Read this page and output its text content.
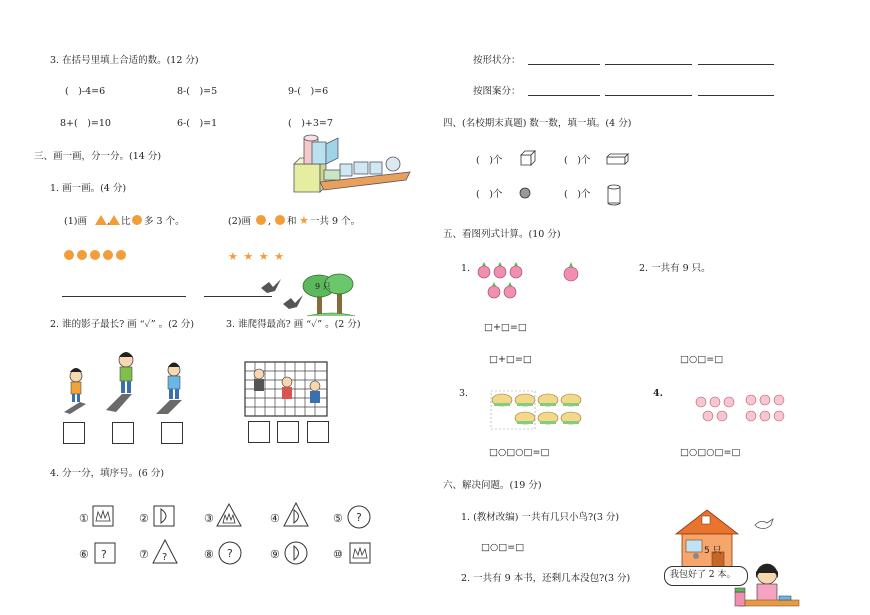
3. 在括号里填上合适的数。(12 分)
(　)-4=6	8-(　)=5	9-(　)=6
8+(　)=10	6-(　)=1	(　)+3=7
三、画一画，分一分。(14 分)
1. 画一画。(4 分)
(1)画 , 比 多 3 个。	(2)画 , 和 ★ 一共 9 个。
★ ★ ★ ★
9 只
2. 谁的影子最长? 画 “✓” 。(2 分)	3. 谁爬得最高? 画 “✓” 。(2 分)
4. 分一分，填序号。(6 分)
①	②	③	④	⑤ ?
⑥ ?	⑦ ?	⑧ ?	⑨	⑩
按形状分：
按图案分：
四、(名校期末真题) 数一数，填一填。(4 分)
(　)个	(　)个
(　)个	(　)个
五、看图列式计算。(10 分)
1.	2. 一共有 9 只。
□+□=□
□+□=□	□○□=□
3.	4.
□○□○□=□	□○□○□=□
六、解决问题。(19 分)
1. (教材改编) 一共有几只小鸟?(3 分)
□○□=□	5 只
2. 一共有 9 本书，还剩几本没包?(3 分)	我包好了 2 本。
